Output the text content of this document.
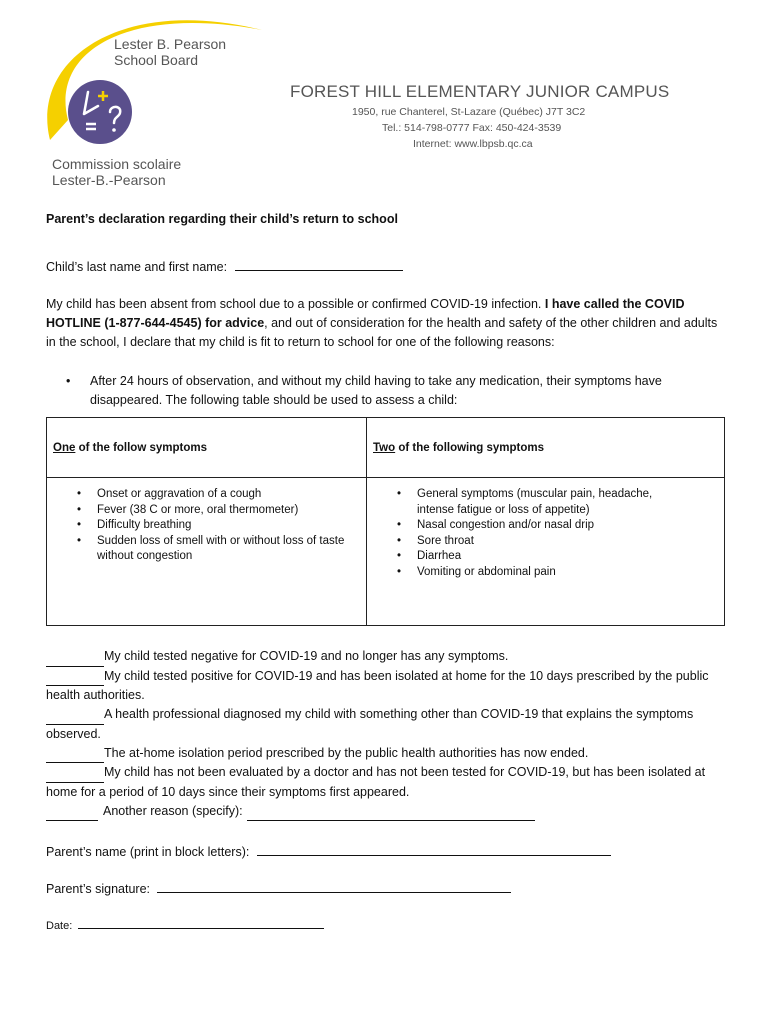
Lester B. Pearson
School Board
Commission scolaire
Lester-B.-Pearson
FOREST HILL ELEMENTARY JUNIOR CAMPUS
1950, rue Chanterel, St-Lazare (Québec) J7T 3C2
Tel.: 514-798-0777 Fax: 450-424-3539
Internet: www.lbpsb.qc.ca
Parent’s declaration regarding their child’s return to school
Child’s last name and first name:
My child has been absent from school due to a possible or confirmed COVID-19 infection. I have called the COVID HOTLINE (1-877-644-4545) for advice, and out of consideration for the health and safety of the other children and adults in the school, I declare that my child is fit to return to school for one of the following reasons:
•	After 24 hours of observation, and without my child having to take any medication, their symptoms have disappeared. The following table should be used to assess a child:
One of the follow symptoms	Two of the following symptoms
• Onset or aggravation of a cough
• Fever (38 C or more, oral thermometer)
• Difficulty breathing
• Sudden loss of smell with or without loss of taste without congestion
• General symptoms (muscular pain, headache, intense fatigue or loss of appetite)
• Nasal congestion and/or nasal drip
• Sore throat
• Diarrhea
• Vomiting or abdominal pain
My child tested negative for COVID-19 and no longer has any symptoms.
My child tested positive for COVID-19 and has been isolated at home for the 10 days prescribed by the public health authorities.
A health professional diagnosed my child with something other than COVID-19 that explains the symptoms observed.
The at-home isolation period prescribed by the public health authorities has now ended.
My child has not been evaluated by a doctor and has not been tested for COVID-19, but has been isolated at home for a period of 10 days since their symptoms first appeared.
Another reason (specify):
Parent’s name (print in block letters):
Parent’s signature:
Date:
